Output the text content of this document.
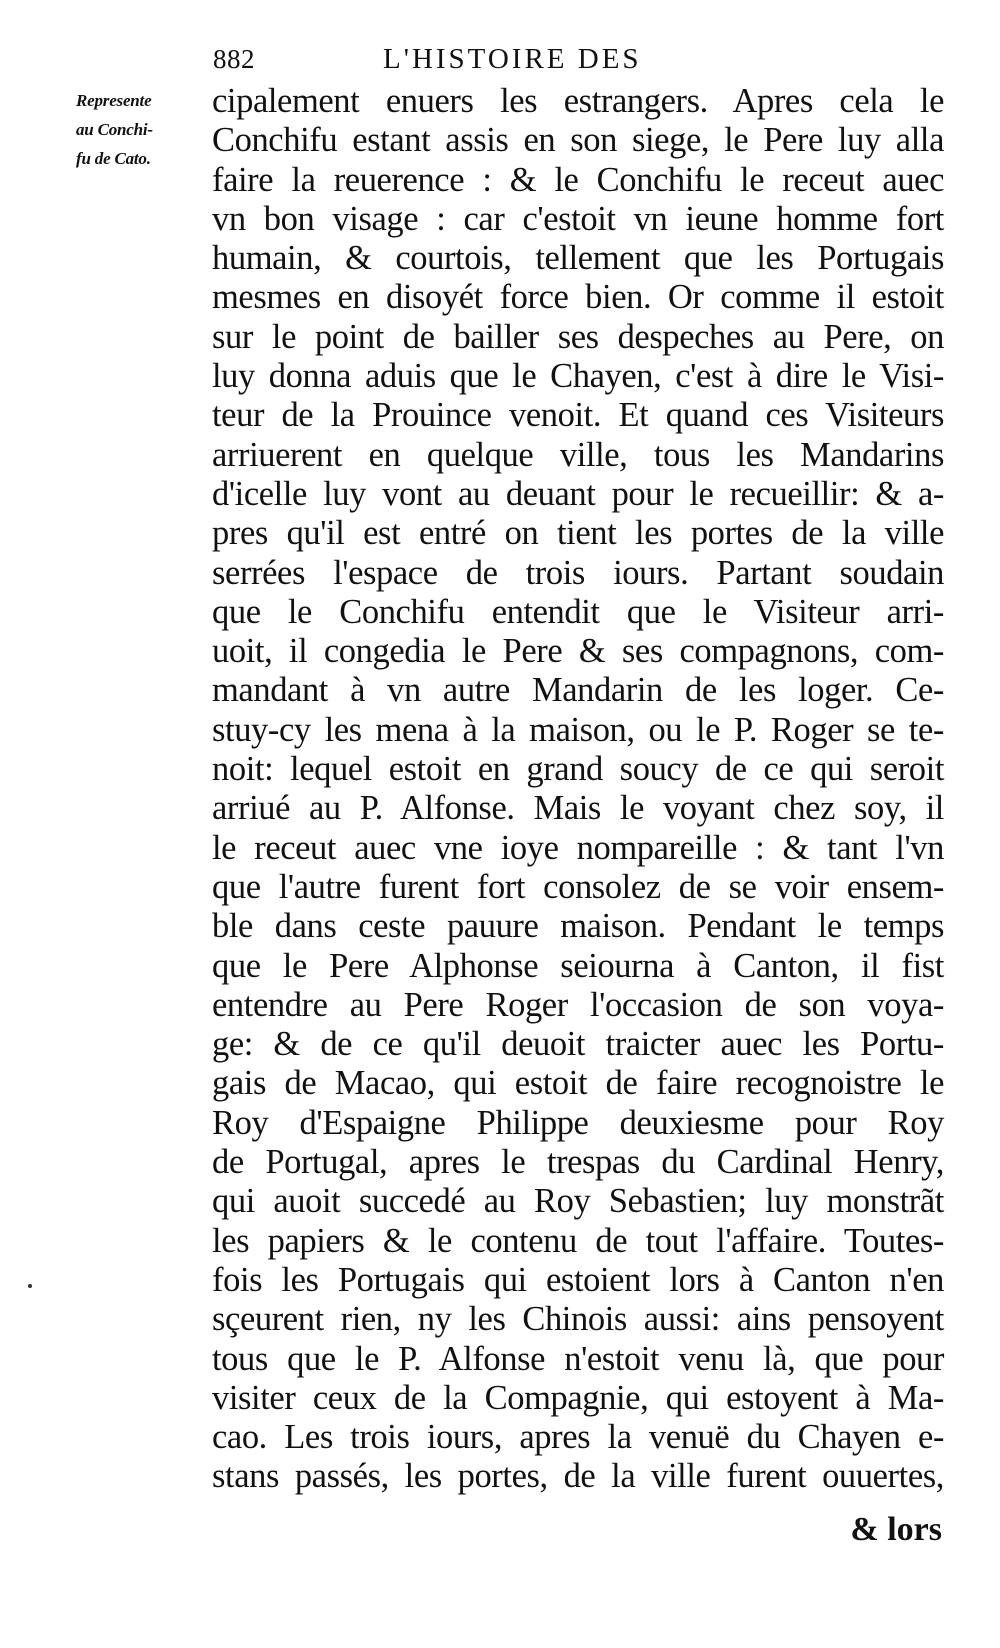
882	L'HISTOIRE DES
Represente
au Conchi-
fu de Cato.
cipalement enuers les estrangers. Apres cela le
Conchifu estant assis en son siege, le Pere luy alla
faire la reuerence : & le Conchifu le receut auec
vn bon visage : car c'estoit vn ieune homme fort
humain, & courtois, tellement que les Portugais
mesmes en disoyét force bien. Or comme il estoit
sur le point de bailler ses despeches au Pere, on
luy donna aduis que le Chayen, c'est à dire le Visi-
teur de la Prouince venoit. Et quand ces Visiteurs
arriuerent en quelque ville, tous les Mandarins
d'icelle luy vont au deuant pour le recueillir: & a-
pres qu'il est entré on tient les portes de la ville
serrées l'espace de trois iours. Partant soudain
que le Conchifu entendit que le Visiteur arri-
uoit, il congedia le Pere & ses compagnons, com-
mandant à vn autre Mandarin de les loger. Ce-
stuy-cy les mena à la maison, ou le P. Roger se te-
noit: lequel estoit en grand soucy de ce qui seroit
arriué au P. Alfonse. Mais le voyant chez soy, il
le receut auec vne ioye nompareille : & tant l'vn
que l'autre furent fort consolez de se voir ensem-
ble dans ceste pauure maison. Pendant le temps
que le Pere Alphonse seiourna à Canton, il fist
entendre au Pere Roger l'occasion de son voya-
ge: & de ce qu'il deuoit traicter auec les Portu-
gais de Macao, qui estoit de faire recognoistre le
Roy d'Espaigne Philippe deuxiesme pour Roy
de Portugal, apres le trespas du Cardinal Henry,
qui auoit succedé au Roy Sebastien; luy monstrãt
les papiers & le contenu de tout l'affaire. Toutes-
fois les Portugais qui estoient lors à Canton n'en
sçeurent rien, ny les Chinois aussi: ains pensoyent
tous que le P. Alfonse n'estoit venu là, que pour
visiter ceux de la Compagnie, qui estoyent à Ma-
cao. Les trois iours, apres la venuë du Chayen e-
stans passés, les portes, de la ville furent ouuertes,
& lors
